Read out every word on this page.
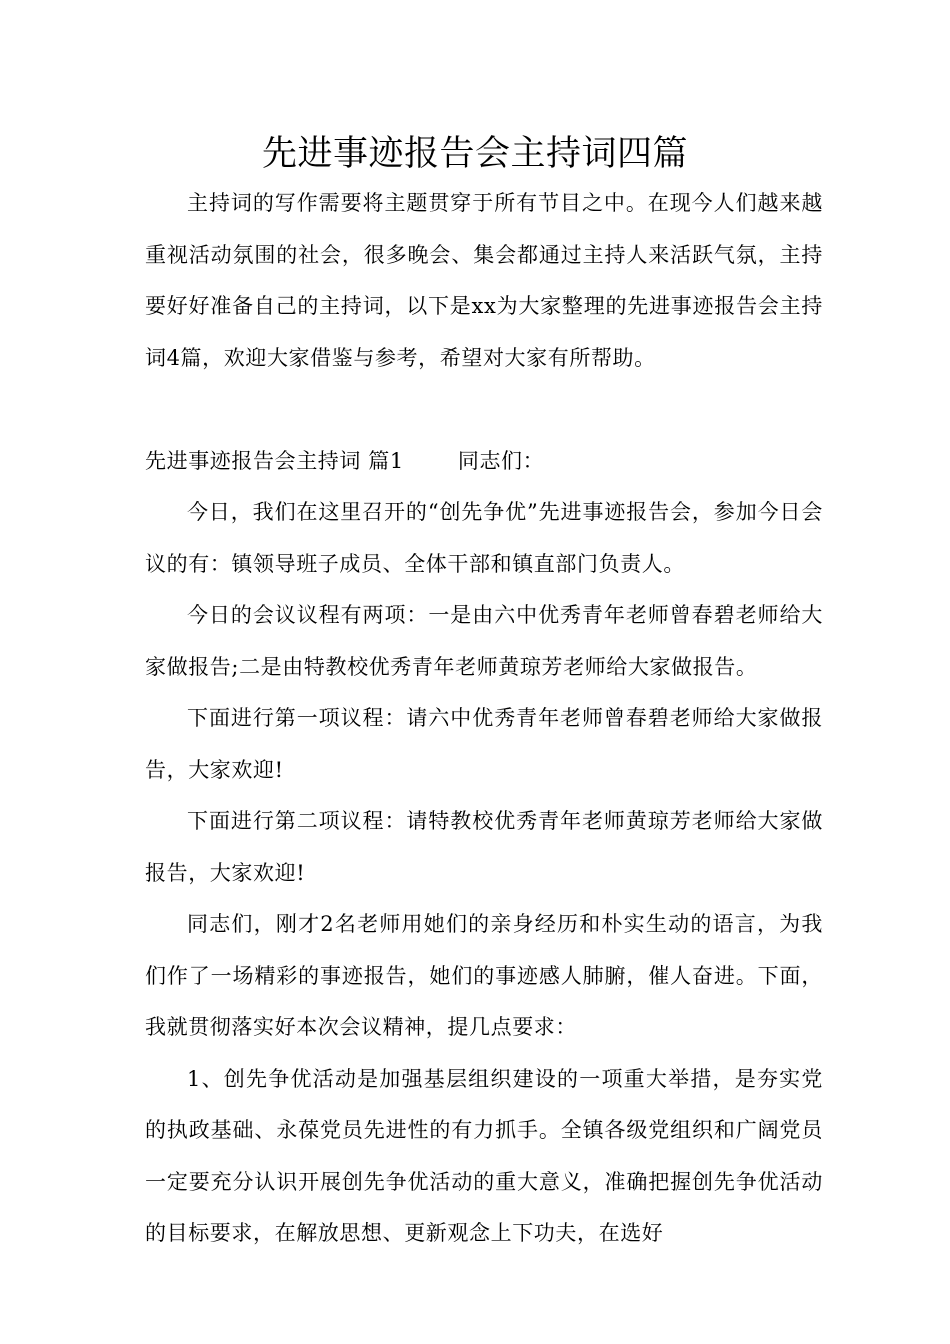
先进事迹报告会主持词四篇

主持词的写作需要将主题贯穿于所有节目之中。在现今人们越来越重视活动氛围的社会，很多晚会、集会都通过主持人来活跃气氛，主持要好好准备自己的主持词，以下是xx为大家整理的先进事迹报告会主持词4篇，欢迎大家借鉴与参考，希望对大家有所帮助。

先进事迹报告会主持词 篇1	同志们：

今日，我们在这里召开的“创先争优”先进事迹报告会，参加今日会议的有：镇领导班子成员、全体干部和镇直部门负责人。

今日的会议议程有两项：一是由六中优秀青年老师曾春碧老师给大家做报告;二是由特教校优秀青年老师黄琼芳老师给大家做报告。

下面进行第一项议程：请六中优秀青年老师曾春碧老师给大家做报告，大家欢迎!

下面进行第二项议程：请特教校优秀青年老师黄琼芳老师给大家做报告，大家欢迎!

同志们，刚才2名老师用她们的亲身经历和朴实生动的语言，为我们作了一场精彩的事迹报告，她们的事迹感人肺腑，催人奋进。下面，我就贯彻落实好本次会议精神，提几点要求：

1、创先争优活动是加强基层组织建设的一项重大举措，是夯实党的执政基础、永葆党员先进性的有力抓手。全镇各级党组织和广阔党员一定要充分认识开展创先争优活动的重大意义，准确把握创先争优活动的目标要求，在解放思想、更新观念上下功夫，在选好
